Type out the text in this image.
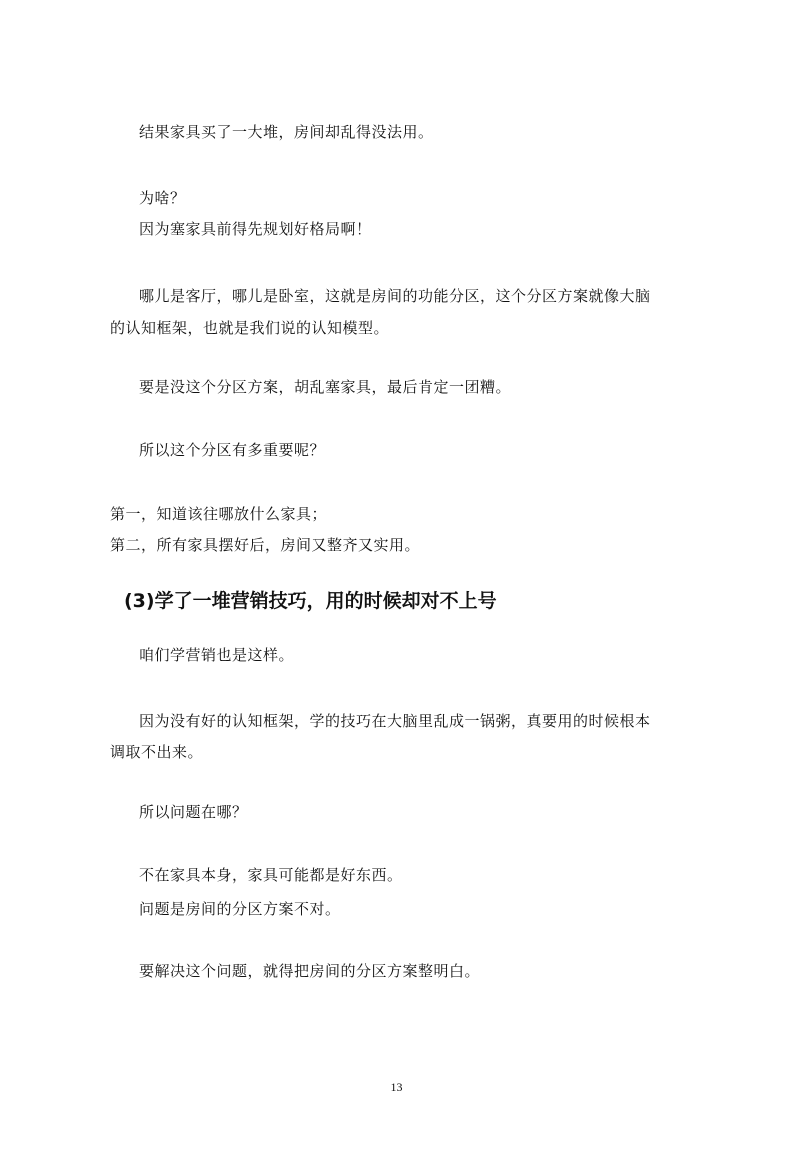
结果家具买了一大堆，房间却乱得没法用。
为啥？
因为塞家具前得先规划好格局啊！
哪儿是客厅，哪儿是卧室，这就是房间的功能分区，这个分区方案就像大脑
的认知框架，也就是我们说的认知模型。
要是没这个分区方案，胡乱塞家具，最后肯定一团糟。
所以这个分区有多重要呢？
第一，知道该往哪放什么家具；
第二，所有家具摆好后，房间又整齐又实用。
(3)学了一堆营销技巧，用的时候却对不上号
咱们学营销也是这样。
因为没有好的认知框架，学的技巧在大脑里乱成一锅粥，真要用的时候根本
调取不出来。
所以问题在哪？
不在家具本身，家具可能都是好东西。
问题是房间的分区方案不对。
要解决这个问题，就得把房间的分区方案整明白。
13
